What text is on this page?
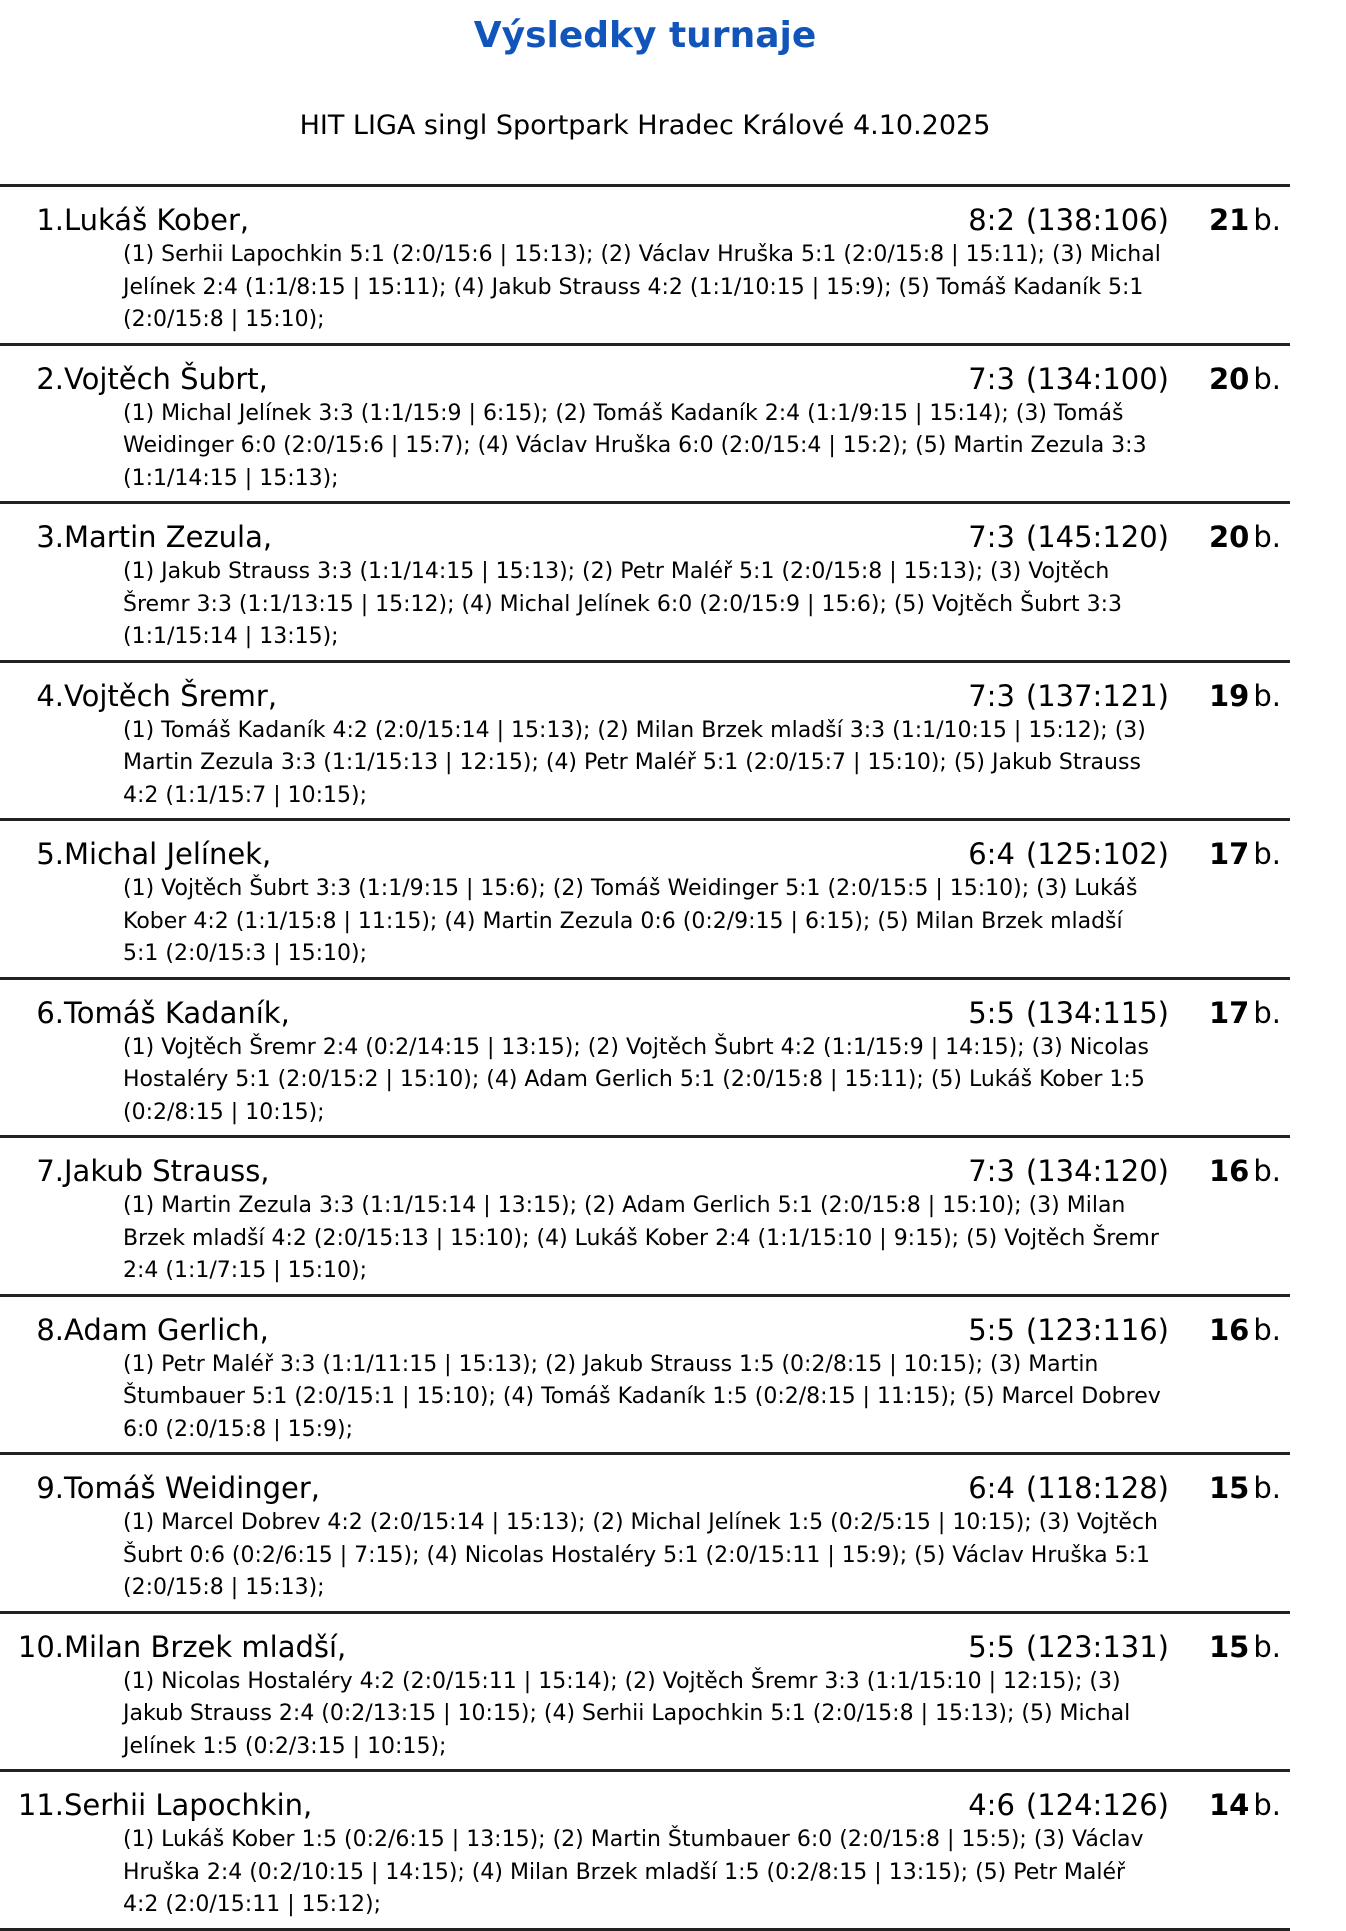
Výsledky turnaje
HIT LIGA singl Sportpark Hradec Králové 4.10.2025
1. Lukáš Kober,	8:2 (138:106) 21 b.
(1) Serhii Lapochkin 5:1 (2:0/15:6 | 15:13); (2) Václav Hruška 5:1 (2:0/15:8 | 15:11); (3) Michal
Jelínek 2:4 (1:1/8:15 | 15:11); (4) Jakub Strauss 4:2 (1:1/10:15 | 15:9); (5) Tomáš Kadaník 5:1
(2:0/15:8 | 15:10);
2. Vojtěch Šubrt,	7:3 (134:100) 20 b.
(1) Michal Jelínek 3:3 (1:1/15:9 | 6:15); (2) Tomáš Kadaník 2:4 (1:1/9:15 | 15:14); (3) Tomáš
Weidinger 6:0 (2:0/15:6 | 15:7); (4) Václav Hruška 6:0 (2:0/15:4 | 15:2); (5) Martin Zezula 3:3
(1:1/14:15 | 15:13);
3. Martin Zezula,	7:3 (145:120) 20 b.
(1) Jakub Strauss 3:3 (1:1/14:15 | 15:13); (2) Petr Maléř 5:1 (2:0/15:8 | 15:13); (3) Vojtěch
Šremr 3:3 (1:1/13:15 | 15:12); (4) Michal Jelínek 6:0 (2:0/15:9 | 15:6); (5) Vojtěch Šubrt 3:3
(1:1/15:14 | 13:15);
4. Vojtěch Šremr,	7:3 (137:121) 19 b.
(1) Tomáš Kadaník 4:2 (2:0/15:14 | 15:13); (2) Milan Brzek mladší 3:3 (1:1/10:15 | 15:12); (3)
Martin Zezula 3:3 (1:1/15:13 | 12:15); (4) Petr Maléř 5:1 (2:0/15:7 | 15:10); (5) Jakub Strauss
4:2 (1:1/15:7 | 10:15);
5. Michal Jelínek,	6:4 (125:102) 17 b.
(1) Vojtěch Šubrt 3:3 (1:1/9:15 | 15:6); (2) Tomáš Weidinger 5:1 (2:0/15:5 | 15:10); (3) Lukáš
Kober 4:2 (1:1/15:8 | 11:15); (4) Martin Zezula 0:6 (0:2/9:15 | 6:15); (5) Milan Brzek mladší
5:1 (2:0/15:3 | 15:10);
6. Tomáš Kadaník,	5:5 (134:115) 17 b.
(1) Vojtěch Šremr 2:4 (0:2/14:15 | 13:15); (2) Vojtěch Šubrt 4:2 (1:1/15:9 | 14:15); (3) Nicolas
Hostaléry 5:1 (2:0/15:2 | 15:10); (4) Adam Gerlich 5:1 (2:0/15:8 | 15:11); (5) Lukáš Kober 1:5
(0:2/8:15 | 10:15);
7. Jakub Strauss,	7:3 (134:120) 16 b.
(1) Martin Zezula 3:3 (1:1/15:14 | 13:15); (2) Adam Gerlich 5:1 (2:0/15:8 | 15:10); (3) Milan
Brzek mladší 4:2 (2:0/15:13 | 15:10); (4) Lukáš Kober 2:4 (1:1/15:10 | 9:15); (5) Vojtěch Šremr
2:4 (1:1/7:15 | 15:10);
8. Adam Gerlich,	5:5 (123:116) 16 b.
(1) Petr Maléř 3:3 (1:1/11:15 | 15:13); (2) Jakub Strauss 1:5 (0:2/8:15 | 10:15); (3) Martin
Štumbauer 5:1 (2:0/15:1 | 15:10); (4) Tomáš Kadaník 1:5 (0:2/8:15 | 11:15); (5) Marcel Dobrev
6:0 (2:0/15:8 | 15:9);
9. Tomáš Weidinger,	6:4 (118:128) 15 b.
(1) Marcel Dobrev 4:2 (2:0/15:14 | 15:13); (2) Michal Jelínek 1:5 (0:2/5:15 | 10:15); (3) Vojtěch
Šubrt 0:6 (0:2/6:15 | 7:15); (4) Nicolas Hostaléry 5:1 (2:0/15:11 | 15:9); (5) Václav Hruška 5:1
(2:0/15:8 | 15:13);
10. Milan Brzek mladší,	5:5 (123:131) 15 b.
(1) Nicolas Hostaléry 4:2 (2:0/15:11 | 15:14); (2) Vojtěch Šremr 3:3 (1:1/15:10 | 12:15); (3)
Jakub Strauss 2:4 (0:2/13:15 | 10:15); (4) Serhii Lapochkin 5:1 (2:0/15:8 | 15:13); (5) Michal
Jelínek 1:5 (0:2/3:15 | 10:15);
11. Serhii Lapochkin,	4:6 (124:126) 14 b.
(1) Lukáš Kober 1:5 (0:2/6:15 | 13:15); (2) Martin Štumbauer 6:0 (2:0/15:8 | 15:5); (3) Václav
Hruška 2:4 (0:2/10:15 | 14:15); (4) Milan Brzek mladší 1:5 (0:2/8:15 | 13:15); (5) Petr Maléř
4:2 (2:0/15:11 | 15:12);
